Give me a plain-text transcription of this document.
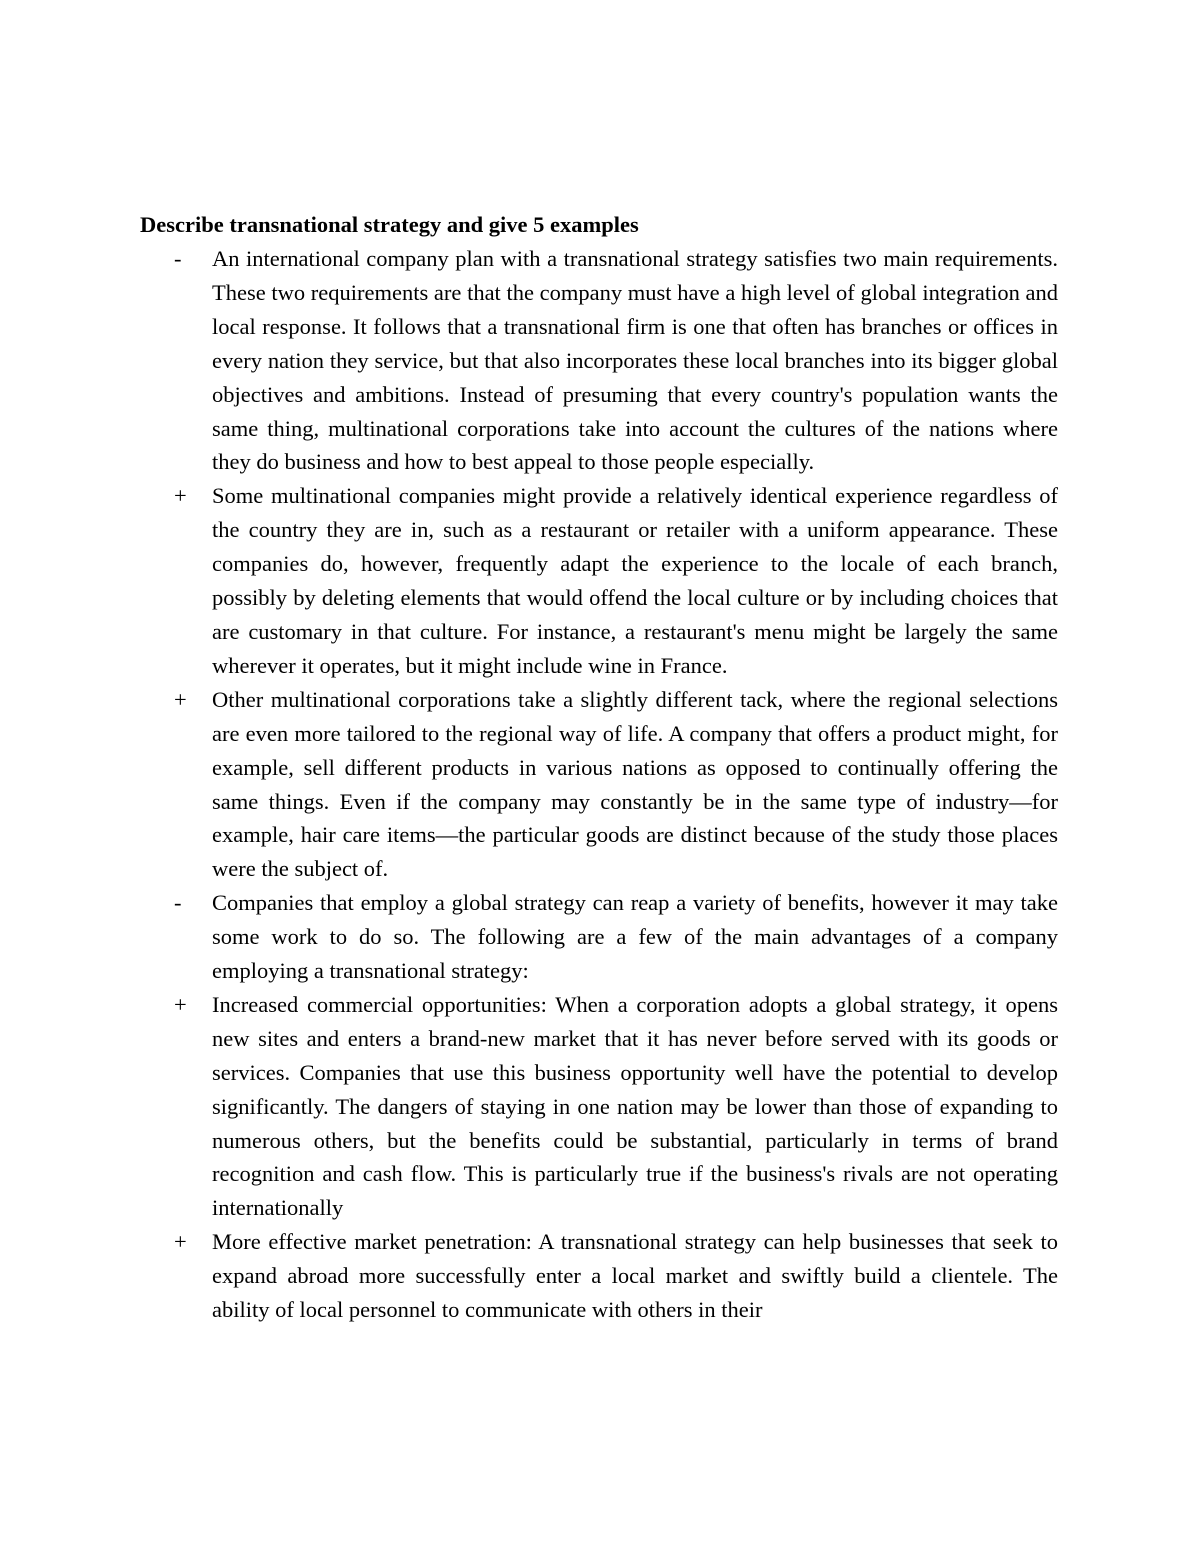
Describe transnational strategy and give 5 examples

-	An international company plan with a transnational strategy satisfies two main requirements. These two requirements are that the company must have a high level of global integration and local response. It follows that a transnational firm is one that often has branches or offices in every nation they service, but that also incorporates these local branches into its bigger global objectives and ambitions. Instead of presuming that every country's population wants the same thing, multinational corporations take into account the cultures of the nations where they do business and how to best appeal to those people especially.
+	Some multinational companies might provide a relatively identical experience regardless of the country they are in, such as a restaurant or retailer with a uniform appearance. These companies do, however, frequently adapt the experience to the locale of each branch, possibly by deleting elements that would offend the local culture or by including choices that are customary in that culture. For instance, a restaurant's menu might be largely the same wherever it operates, but it might include wine in France.
+	Other multinational corporations take a slightly different tack, where the regional selections are even more tailored to the regional way of life. A company that offers a product might, for example, sell different products in various nations as opposed to continually offering the same things. Even if the company may constantly be in the same type of industry—for example, hair care items—the particular goods are distinct because of the study those places were the subject of.
-	Companies that employ a global strategy can reap a variety of benefits, however it may take some work to do so. The following are a few of the main advantages of a company employing a transnational strategy:
+	Increased commercial opportunities: When a corporation adopts a global strategy, it opens new sites and enters a brand-new market that it has never before served with its goods or services. Companies that use this business opportunity well have the potential to develop significantly. The dangers of staying in one nation may be lower than those of expanding to numerous others, but the benefits could be substantial, particularly in terms of brand recognition and cash flow. This is particularly true if the business's rivals are not operating internationally
+	More effective market penetration: A transnational strategy can help businesses that seek to expand abroad more successfully enter a local market and swiftly build a clientele. The ability of local personnel to communicate with others in their
